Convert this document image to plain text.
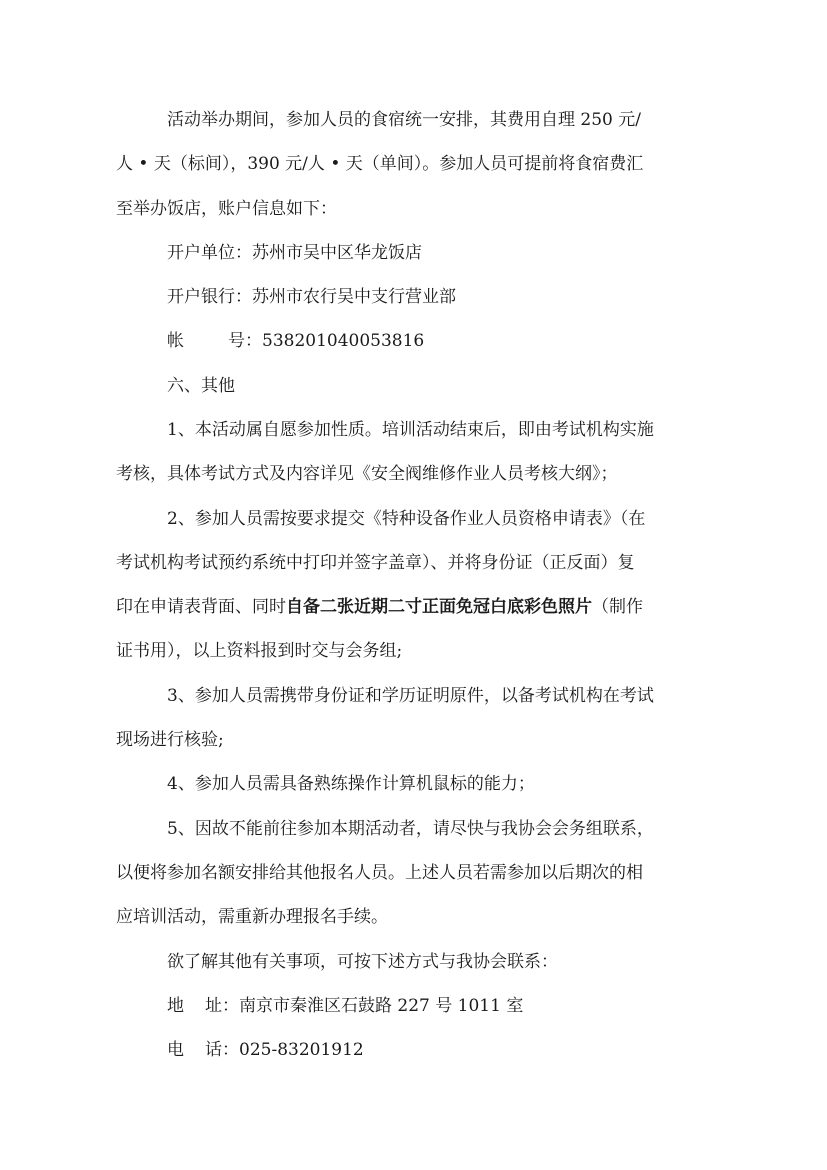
活动举办期间，参加人员的食宿统一安排，其费用自理 250 元/
人 • 天（标间），390 元/人 • 天（单间）。参加人员可提前将食宿费汇
至举办饭店，账户信息如下：
开户单位：苏州市吴中区华龙饭店
开户银行：苏州市农行吴中支行营业部
帐	号：538201040053816
六、其他
1、本活动属自愿参加性质。培训活动结束后，即由考试机构实施
考核，具体考试方式及内容详见《安全阀维修作业人员考核大纲》；
2、参加人员需按要求提交《特种设备作业人员资格申请表》（在
考试机构考试预约系统中打印并签字盖章）、并将身份证（正反面）复
印在申请表背面、同时自备二张近期二寸正面免冠白底彩色照片（制作
证书用），以上资料报到时交与会务组;
3、参加人员需携带身份证和学历证明原件，以备考试机构在考试
现场进行核验;
4、参加人员需具备熟练操作计算机鼠标的能力；
5、因故不能前往参加本期活动者，请尽快与我协会会务组联系，
以便将参加名额安排给其他报名人员。上述人员若需参加以后期次的相
应培训活动，需重新办理报名手续。
欲了解其他有关事项，可按下述方式与我协会联系：
地 址：南京市秦淮区石鼓路 227 号 1011 室
电 话：025-83201912
